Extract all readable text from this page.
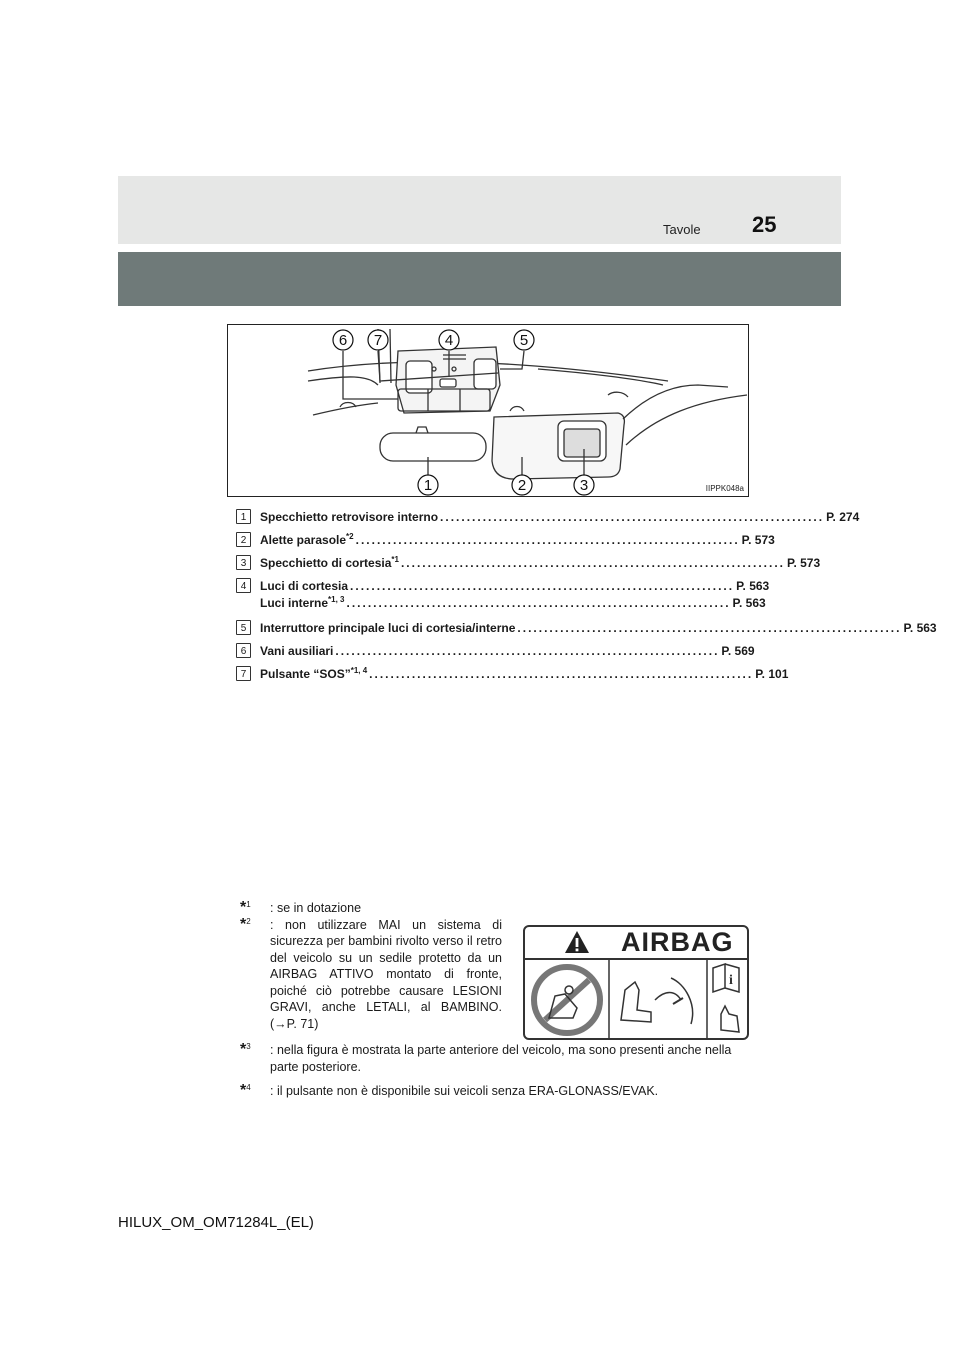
Tavole 25
6 7	4	5
1	2	3	IIPPK048a
1	Specchietto retrovisore interno ........................................................................ P. 274
2	Alette parasole$^{*2}$ ........................................................................ P. 573
3	Specchietto di cortesia$^{*1}$ ........................................................................ P. 573
4	Luci di cortesia ........................................................................ P. 563
Luci interne$^{*1, 3}$ ........................................................................ P. 563
5	Interruttore principale luci di cortesia/interne ........................................................................ P. 563
6	Vani ausiliari ........................................................................ P. 569
7	Pulsante “SOS”$^{*1, 4}$ ........................................................................ P. 101
*$^1$ : se in dotazione
*$^2$ : non utilizzare MAI un sistema di sicurezza per bambini rivolto verso il retro del veicolo su un sedile protetto da un AIRBAG ATTIVO montato di fronte, poiché ciò potrebbe causare LESIONI GRAVI, anche LETALI, al BAMBINO. (→P. 71)
*$^3$ : nella figura è mostrata la parte anteriore del veicolo, ma sono presenti anche nella parte posteriore.
*$^4$ : il pulsante non è disponibile sui veicoli senza ERA-GLONASS/EVAK.
AIRBAG
i
HILUX_OM_OM71284L_(EL)
